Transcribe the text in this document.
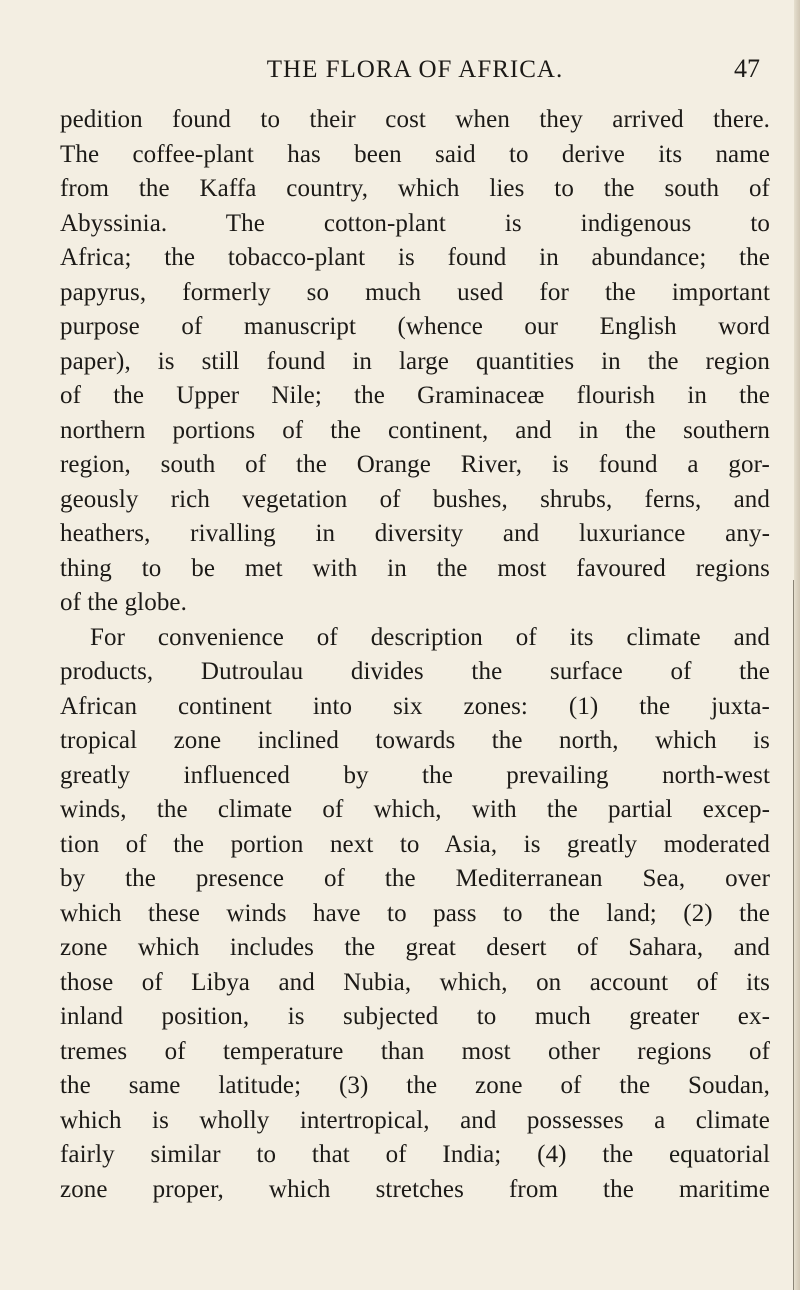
THE FLORA OF AFRICA.	47
pedition found to their cost when they arrived there.
The coffee-plant has been said to derive its name
from the Kaffa country, which lies to the south of
Abyssinia. The cotton-plant is indigenous to
Africa; the tobacco-plant is found in abundance; the
papyrus, formerly so much used for the important
purpose of manuscript (whence our English word
paper), is still found in large quantities in the region
of the Upper Nile; the Graminaceæ flourish in the
northern portions of the continent, and in the southern
region, south of the Orange River, is found a gor-
geously rich vegetation of bushes, shrubs, ferns, and
heathers, rivalling in diversity and luxuriance any-
thing to be met with in the most favoured regions
of the globe.
For convenience of description of its climate and
products, Dutroulau divides the surface of the
African continent into six zones: (1) the juxta-
tropical zone inclined towards the north, which is
greatly influenced by the prevailing north-west
winds, the climate of which, with the partial excep-
tion of the portion next to Asia, is greatly moderated
by the presence of the Mediterranean Sea, over
which these winds have to pass to the land; (2) the
zone which includes the great desert of Sahara, and
those of Libya and Nubia, which, on account of its
inland position, is subjected to much greater ex-
tremes of temperature than most other regions of
the same latitude; (3) the zone of the Soudan,
which is wholly intertropical, and possesses a climate
fairly similar to that of India; (4) the equatorial
zone proper, which stretches from the maritime
